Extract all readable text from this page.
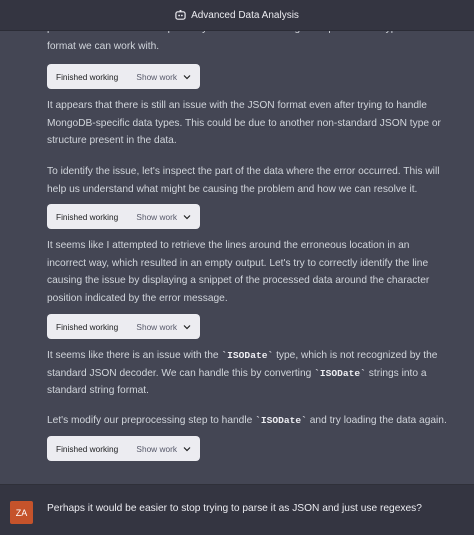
format we can work with.

Advanced Data Analysis
Finished working Show work

It appears that there is still an issue with the JSON format even after trying to handle MongoDB-specific data types. This could be due to another non-standard JSON type or structure present in the data.

To identify the issue, let's inspect the part of the data where the error occurred. This will help us understand what might be causing the problem and how we can resolve it.

Finished working Show work

It seems like I attempted to retrieve the lines around the erroneous location in an incorrect way, which resulted in an empty output. Let's try to correctly identify the line causing the issue by displaying a snippet of the processed data around the character position indicated by the error message.

Finished working Show work

It seems like there is an issue with the `ISODate` type, which is not recognized by the standard JSON decoder. We can handle this by converting `ISODate` strings into a standard string format.

Let's modify our preprocessing step to handle `ISODate` and try loading the data again.

Finished working Show work
ZA	Perhaps it would be easier to stop trying to parse it as JSON and just use regexes?
